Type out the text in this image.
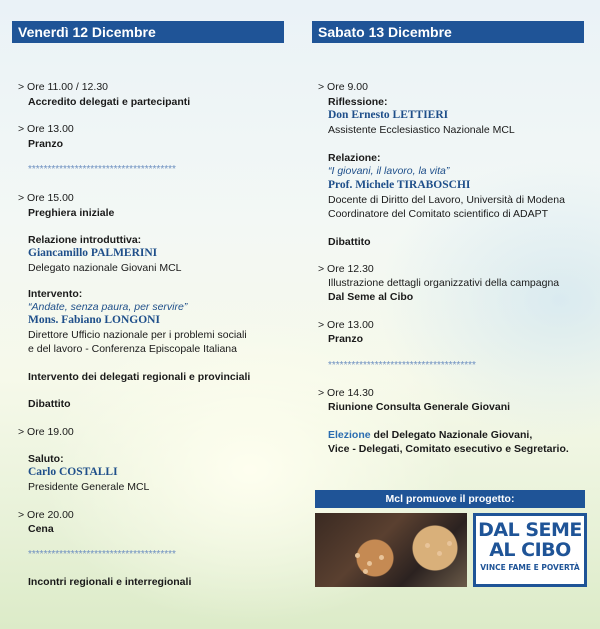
Venerdì 12 Dicembre
> Ore 11.00 / 12.30
Accredito delegati e partecipanti
> Ore 13.00
Pranzo
**************************************
> Ore 15.00
Preghiera iniziale
Relazione introduttiva:
Giancamillo PALMERINI
Delegato nazionale Giovani MCL
Intervento:
“Andate, senza paura, per servire”
Mons. Fabiano LONGONI
Direttore Ufficio nazionale per i problemi sociali
e del lavoro - Conferenza Episcopale Italiana
Intervento dei delegati regionali e provinciali
Dibattito
> Ore 19.00
Saluto:
Carlo COSTALLI
Presidente Generale MCL
> Ore 20.00
Cena
**************************************
Incontri regionali e interregionali
Sabato 13 Dicembre
> Ore 9.00
Riflessione:
Don Ernesto LETTIERI
Assistente Ecclesiastico Nazionale MCL
Relazione:
“I giovani, il lavoro, la vita”
Prof. Michele TIRABOSCHI
Docente di Diritto del Lavoro, Università di Modena
Coordinatore del Comitato scientifico di ADAPT
Dibattito
> Ore 12.30
Illustrazione dettagli organizzativi della campagna
Dal Seme al Cibo
> Ore 13.00
Pranzo
**************************************
> Ore 14.30
Riunione Consulta Generale Giovani
Elezione del Delegato Nazionale Giovani,
Vice - Delegati, Comitato esecutivo e Segretario.
Mcl promuove il progetto:
DAL SEME
AL CIBO
VINCE FAME E POVERTÀ
